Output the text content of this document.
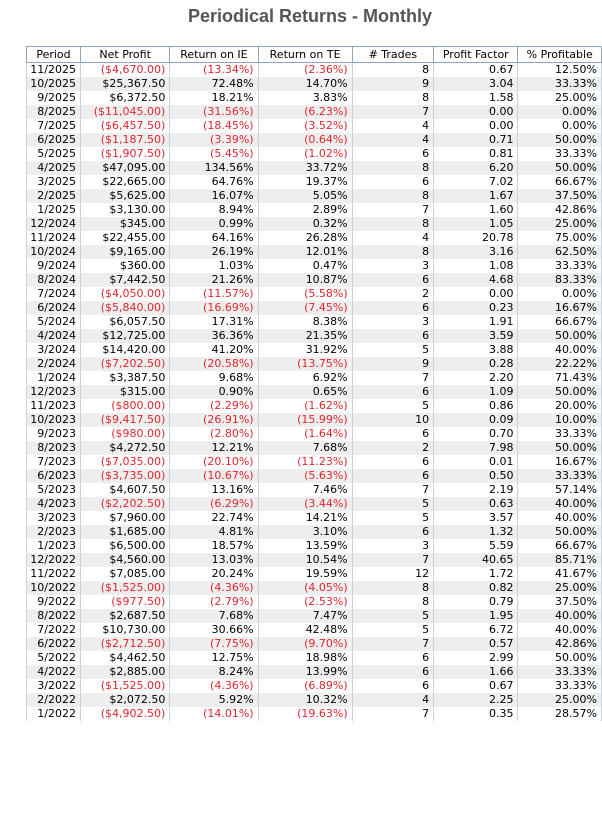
Periodical Returns - Monthly
Period	Net Profit	Return on IE	Return on TE	# Trades	Profit Factor	% Profitable
11/2025	($4,670.00)	(13.34%)	(2.36%)	8	0.67	12.50%
10/2025	$25,367.50	72.48%	14.70%	9	3.04	33.33%
9/2025	$6,372.50	18.21%	3.83%	8	1.58	25.00%
8/2025	($11,045.00)	(31.56%)	(6.23%)	7	0.00	0.00%
7/2025	($6,457.50)	(18.45%)	(3.52%)	4	0.00	0.00%
6/2025	($1,187.50)	(3.39%)	(0.64%)	4	0.71	50.00%
5/2025	($1,907.50)	(5.45%)	(1.02%)	6	0.81	33.33%
4/2025	$47,095.00	134.56%	33.72%	8	6.20	50.00%
3/2025	$22,665.00	64.76%	19.37%	6	7.02	66.67%
2/2025	$5,625.00	16.07%	5.05%	8	1.67	37.50%
1/2025	$3,130.00	8.94%	2.89%	7	1.60	42.86%
12/2024	$345.00	0.99%	0.32%	8	1.05	25.00%
11/2024	$22,455.00	64.16%	26.28%	4	20.78	75.00%
10/2024	$9,165.00	26.19%	12.01%	8	3.16	62.50%
9/2024	$360.00	1.03%	0.47%	3	1.08	33.33%
8/2024	$7,442.50	21.26%	10.87%	6	4.68	83.33%
7/2024	($4,050.00)	(11.57%)	(5.58%)	2	0.00	0.00%
6/2024	($5,840.00)	(16.69%)	(7.45%)	6	0.23	16.67%
5/2024	$6,057.50	17.31%	8.38%	3	1.91	66.67%
4/2024	$12,725.00	36.36%	21.35%	6	3.59	50.00%
3/2024	$14,420.00	41.20%	31.92%	5	3.88	40.00%
2/2024	($7,202.50)	(20.58%)	(13.75%)	9	0.28	22.22%
1/2024	$3,387.50	9.68%	6.92%	7	2.20	71.43%
12/2023	$315.00	0.90%	0.65%	6	1.09	50.00%
11/2023	($800.00)	(2.29%)	(1.62%)	5	0.86	20.00%
10/2023	($9,417.50)	(26.91%)	(15.99%)	10	0.09	10.00%
9/2023	($980.00)	(2.80%)	(1.64%)	6	0.70	33.33%
8/2023	$4,272.50	12.21%	7.68%	2	7.98	50.00%
7/2023	($7,035.00)	(20.10%)	(11.23%)	6	0.01	16.67%
6/2023	($3,735.00)	(10.67%)	(5.63%)	6	0.50	33.33%
5/2023	$4,607.50	13.16%	7.46%	7	2.19	57.14%
4/2023	($2,202.50)	(6.29%)	(3.44%)	5	0.63	40.00%
3/2023	$7,960.00	22.74%	14.21%	5	3.57	40.00%
2/2023	$1,685.00	4.81%	3.10%	6	1.32	50.00%
1/2023	$6,500.00	18.57%	13.59%	3	5.59	66.67%
12/2022	$4,560.00	13.03%	10.54%	7	40.65	85.71%
11/2022	$7,085.00	20.24%	19.59%	12	1.72	41.67%
10/2022	($1,525.00)	(4.36%)	(4.05%)	8	0.82	25.00%
9/2022	($977.50)	(2.79%)	(2.53%)	8	0.79	37.50%
8/2022	$2,687.50	7.68%	7.47%	5	1.95	40.00%
7/2022	$10,730.00	30.66%	42.48%	5	6.72	40.00%
6/2022	($2,712.50)	(7.75%)	(9.70%)	7	0.57	42.86%
5/2022	$4,462.50	12.75%	18.98%	6	2.99	50.00%
4/2022	$2,885.00	8.24%	13.99%	6	1.66	33.33%
3/2022	($1,525.00)	(4.36%)	(6.89%)	6	0.67	33.33%
2/2022	$2,072.50	5.92%	10.32%	4	2.25	25.00%
1/2022	($4,902.50)	(14.01%)	(19.63%)	7	0.35	28.57%
